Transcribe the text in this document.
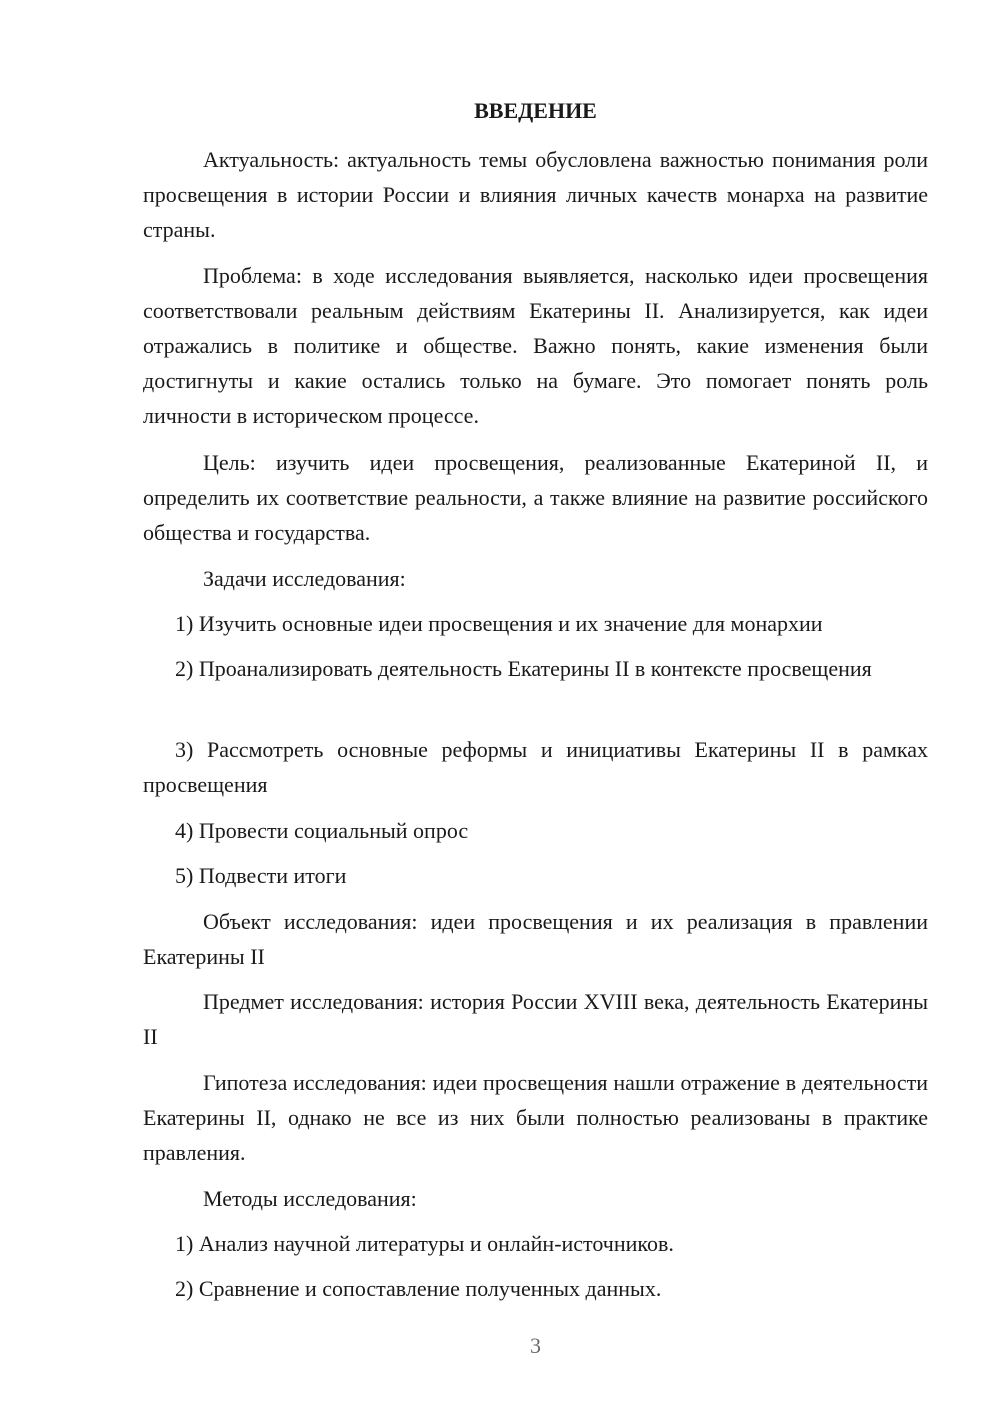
ВВЕДЕНИЕ

Актуальность: актуальность темы обусловлена важностью понимания роли просвещения в истории России и влияния личных качеств монарха на развитие страны.

Проблема: в ходе исследования выявляется, насколько идеи просвещения соответствовали реальным действиям Екатерины II. Анализируется, как идеи отражались в политике и обществе. Важно понять, какие изменения были достигнуты и какие остались только на бумаге. Это помогает понять роль личности в историческом процессе.

Цель: изучить идеи просвещения, реализованные Екатериной II, и определить их соответствие реальности, а также влияние на развитие российского общества и государства.

Задачи исследования:

1) Изучить основные идеи просвещения и их значение для монархии

2) Проанализировать деятельность Екатерины II в контексте просвещения

3) Рассмотреть основные реформы и инициативы Екатерины II в рамках просвещения

4) Провести социальный опрос

5) Подвести итоги

Объект исследования: идеи просвещения и их реализация в правлении Екатерины II

Предмет исследования: история России XVIII века, деятельность Екатерины II

Гипотеза исследования: идеи просвещения нашли отражение в деятельности Екатерины II, однако не все из них были полностью реализованы в практике правления.

Методы исследования:

1) Анализ научной литературы и онлайн-источников.

2) Сравнение и сопоставление полученных данных.

3
